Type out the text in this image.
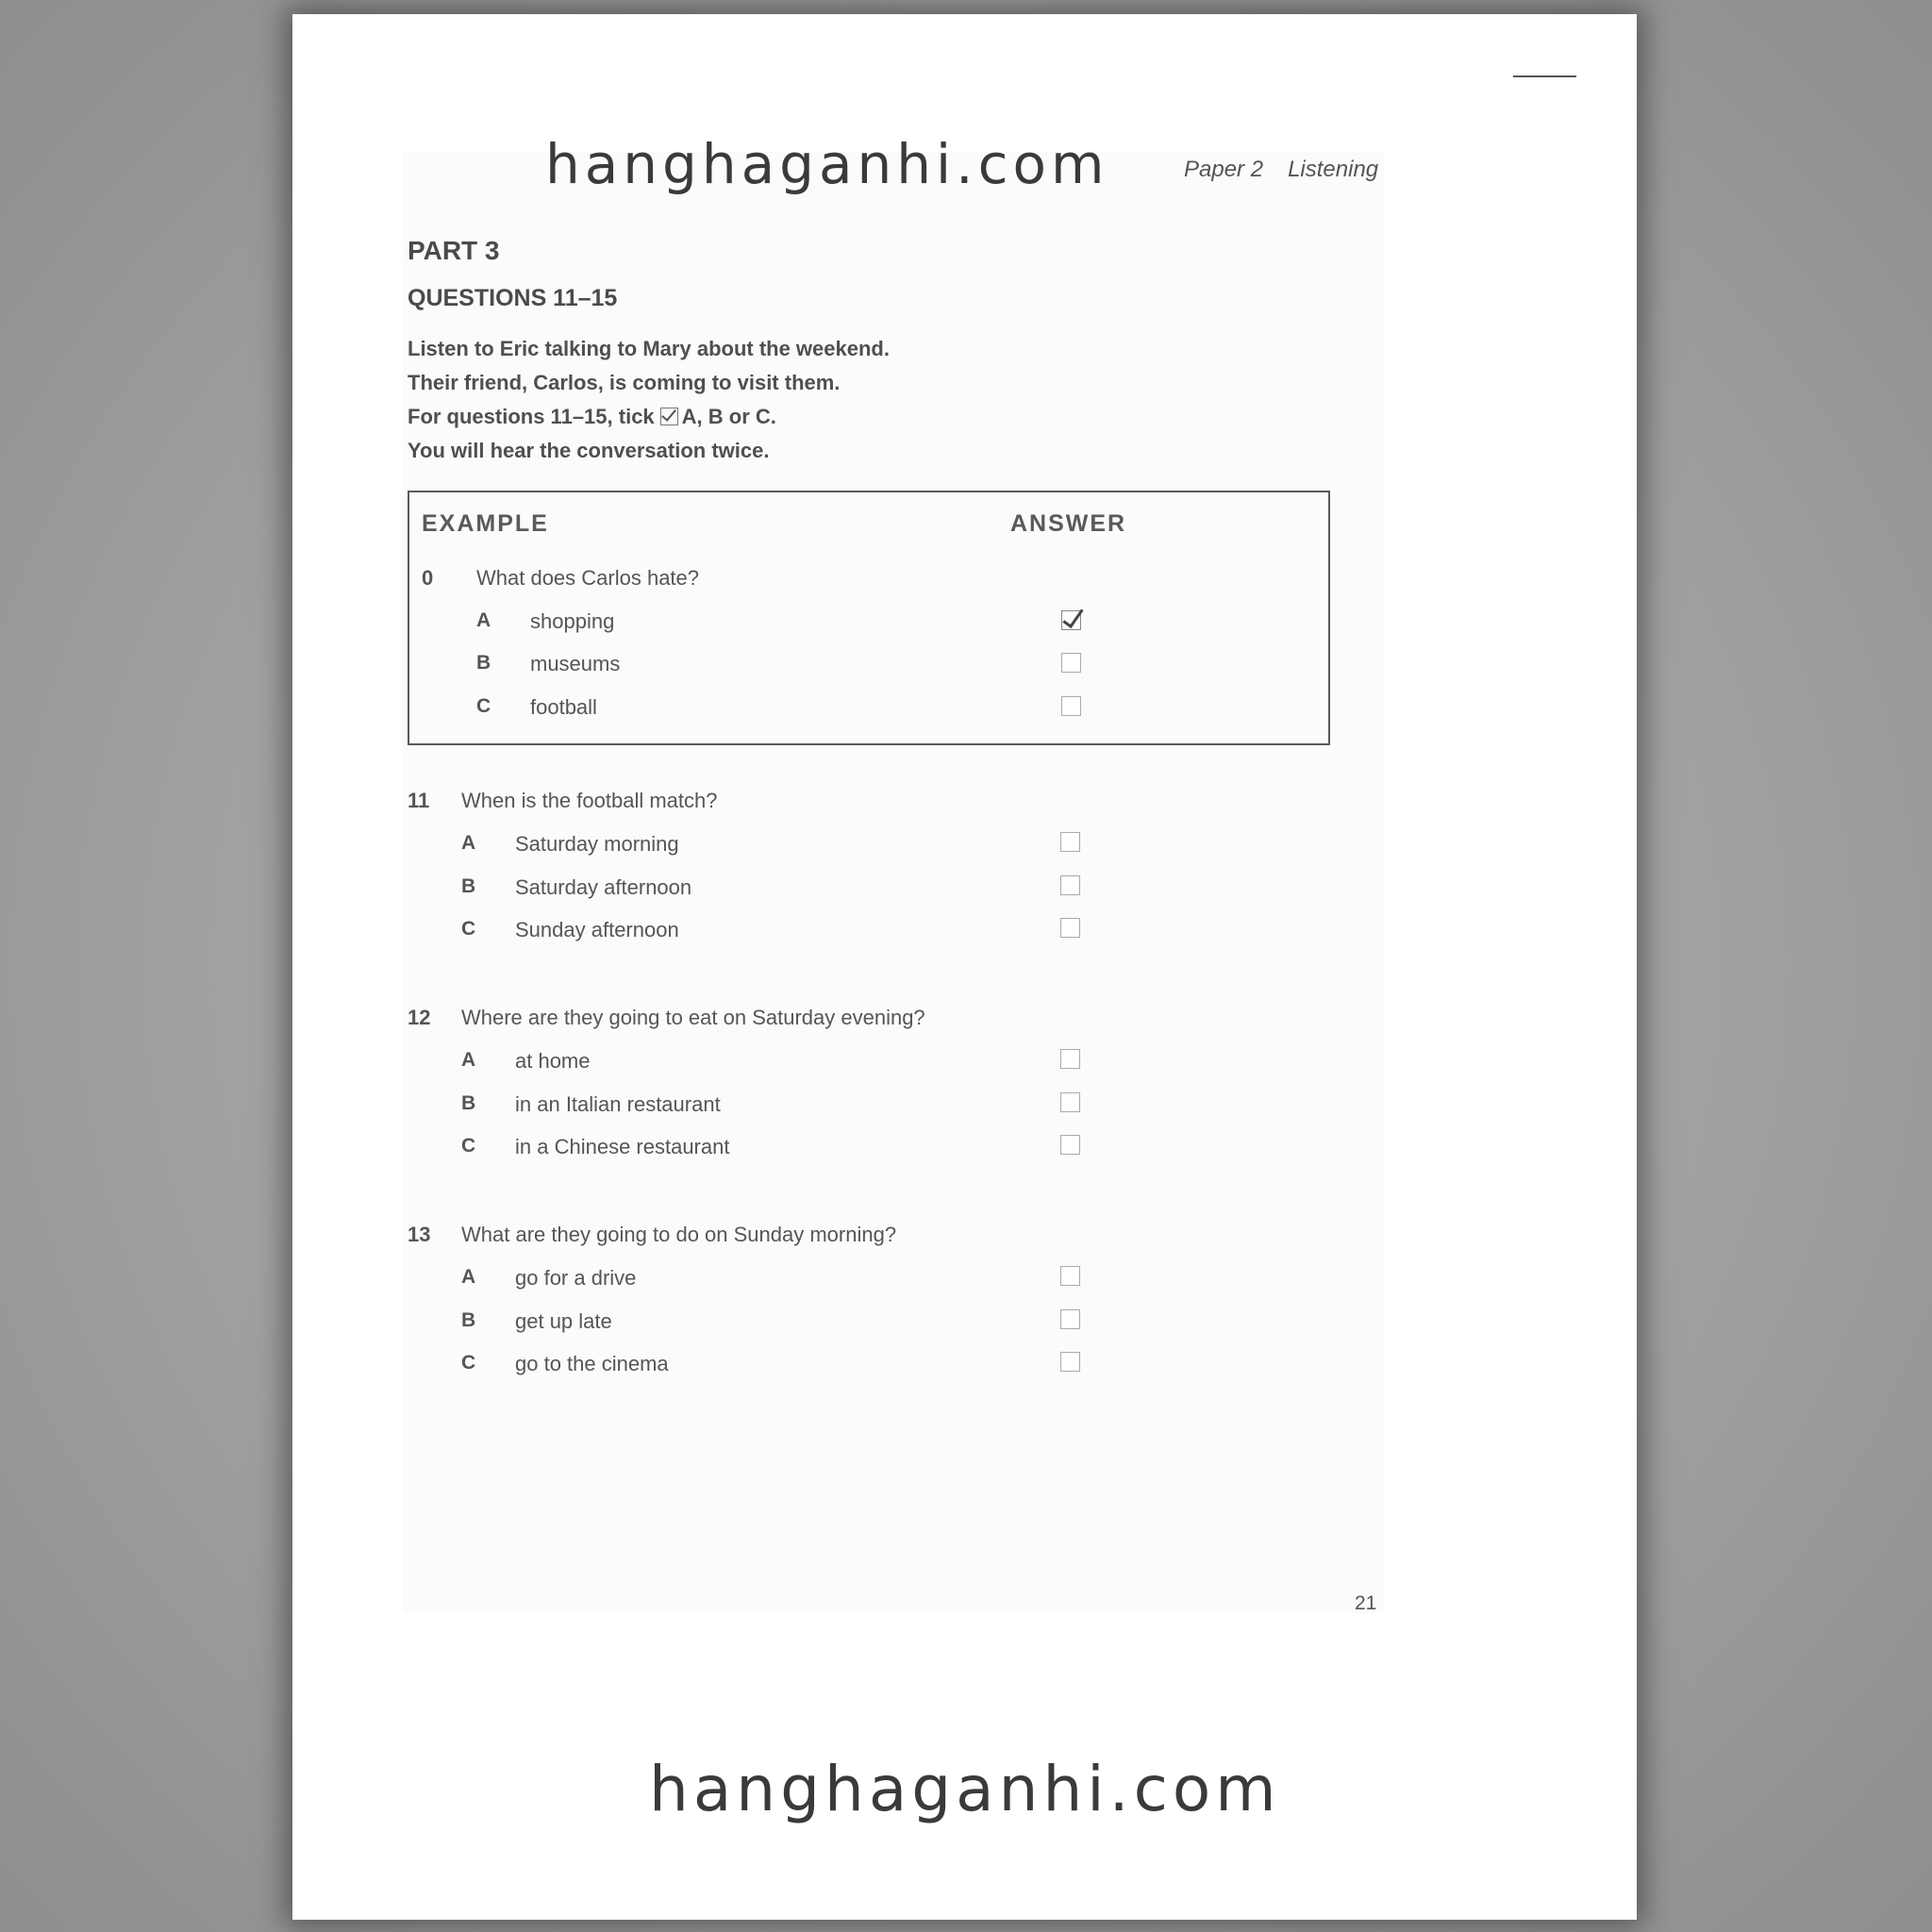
hanghaganhi.com	Paper 2 Listening
PART 3
QUESTIONS 11–15
Listen to Eric talking to Mary about the weekend.
Their friend, Carlos, is coming to visit them.
For questions 11–15, tick A, B or C.
You will hear the conversation twice.
EXAMPLE	ANSWER
0 What does Carlos hate?
A shopping
B museums
C football
11 When is the football match?
A Saturday morning
B Saturday afternoon
C Sunday afternoon
12 Where are they going to eat on Saturday evening?
A at home
B in an Italian restaurant
C in a Chinese restaurant
13 What are they going to do on Sunday morning?
A go for a drive
B get up late
C go to the cinema
21
hanghaganhi.com
